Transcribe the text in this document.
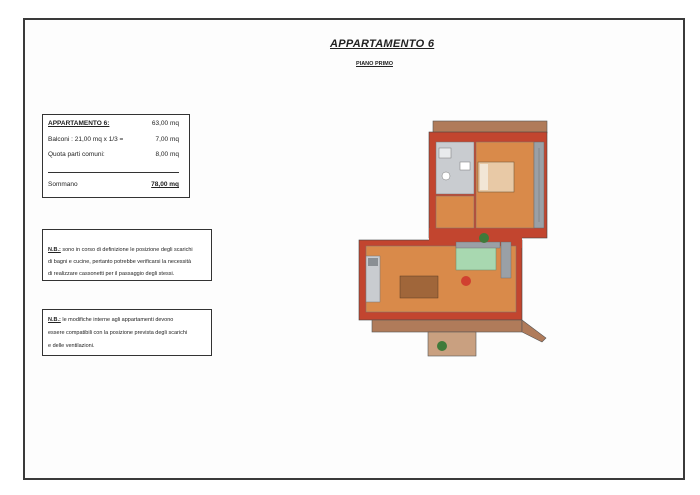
APPARTAMENTO 6
PIANO PRIMO
APPARTAMENTO 6:	63,00 mq
Balconi : 21,00 mq x 1/3 =	7,00 mq
Quota parti comuni:	8,00 mq
Sommano	78,00 mq
N.B.: sono in corso di definizione le posizione degli scarichi
di bagni e cucine, pertanto potrebbe verificarsi la necessità
di realizzare cassonetti per il passaggio degli stessi.
N.B.: le modifiche interne agli appartamenti devono
essere compatibili con la posizione prevista degli scarichi
e delle ventilazioni.
